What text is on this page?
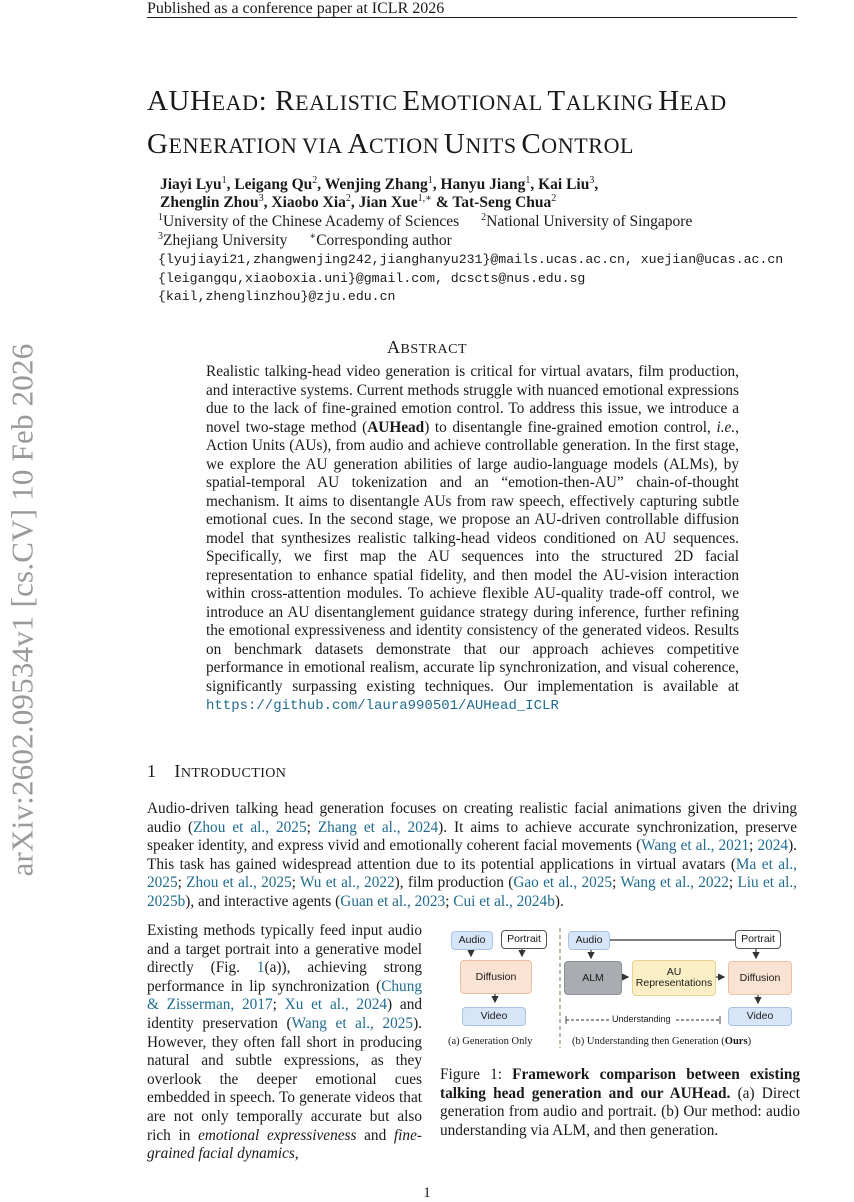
Published as a conference paper at ICLR 2026
arXiv:2602.09534v1 [cs.CV] 10 Feb 2026
AUHEAD: REALISTIC EMOTIONAL TALKING HEAD
GENERATION VIA ACTION UNITS CONTROL
Jiayi Lyu$^1$, Leigang Qu$^2$, Wenjing Zhang$^1$, Hanyu Jiang$^1$, Kai Liu$^3$,
Zhenglin Zhou$^3$, Xiaobo Xia$^2$, Jian Xue$^{1,∗}$ & Tat-Seng Chua$^2$
$^1$University of the Chinese Academy of Sciences $^2$National University of Singapore
$^3$Zhejiang University ∗Corresponding author
{lyujiayi21,zhangwenjing242,jianghanyu231}@mails.ucas.ac.cn, xuejian@ucas.ac.cn
{leigangqu,xiaoboxia.uni}@gmail.com, dcscts@nus.edu.sg
{kail,zhenglinzhou}@zju.edu.cn
ABSTRACT

Realistic talking-head video generation is critical for virtual avatars, film production, and interactive systems. Current methods struggle with nuanced emotional expressions due to the lack of fine-grained emotion control. To address this issue, we introduce a novel two-stage method (AUHead) to disentangle fine-grained emotion control, i.e., Action Units (AUs), from audio and achieve controllable generation. In the first stage, we explore the AU generation abilities of large audio-language models (ALMs), by spatial-temporal AU tokenization and an “emotion-then-AU” chain-of-thought mechanism. It aims to disentangle AUs from raw speech, effectively capturing subtle emotional cues. In the second stage, we propose an AU-driven controllable diffusion model that synthesizes realistic talking-head videos conditioned on AU sequences. Specifically, we first map the AU sequences into the structured 2D facial representation to enhance spatial fidelity, and then model the AU-vision interaction within cross-attention modules. To achieve flexible AU-quality trade-off control, we introduce an AU disentanglement guidance strategy during inference, further refining the emotional expressiveness and identity consistency of the generated videos. Results on benchmark datasets demonstrate that our approach achieves competitive performance in emotional realism, accurate lip synchronization, and visual coherence, significantly surpassing existing techniques. Our implementation is available at https://github.com/laura990501/AUHead_ICLR

1 INTRODUCTION

Audio-driven talking head generation focuses on creating realistic facial animations given the driving audio (Zhou et al., 2025; Zhang et al., 2024). It aims to achieve accurate synchronization, preserve speaker identity, and express vivid and emotionally coherent facial movements (Wang et al., 2021; 2024). This task has gained widespread attention due to its potential applications in virtual avatars (Ma et al., 2025; Zhou et al., 2025; Wu et al., 2022), film production (Gao et al., 2025; Wang et al., 2022; Liu et al., 2025b), and interactive agents (Guan et al., 2023; Cui et al., 2024b).

Existing methods typically feed input audio and a target portrait into a generative model directly (Fig. 1(a)), achieving strong performance in lip synchronization (Chung & Zisserman, 2017; Xu et al., 2024) and identity preservation (Wang et al., 2025). However, they often fall short in producing natural and subtle expressions, as they overlook the deeper emotional cues embedded in speech. To generate videos that are not only temporally accurate but also rich in emotional expressiveness and fine-grained facial dynamics,

Audio	Portrait
Diffusion
Video
(a) Generation Only
Audio	Portrait
ALM	AU
Representations	Diffusion
Video
Understanding
(b) Understanding then Generation (Ours)

Figure 1: Framework comparison between existing talking head generation and our AUHead. (a) Direct generation from audio and portrait. (b) Our method: audio understanding via ALM, and then generation.

1
